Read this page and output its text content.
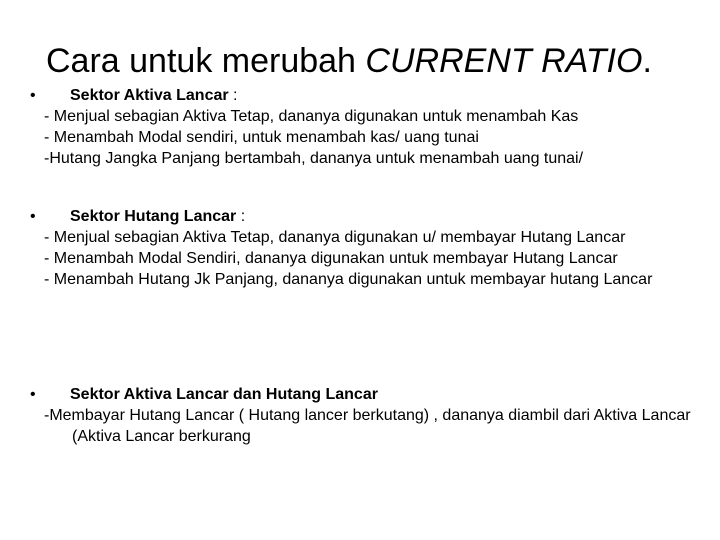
Cara untuk merubah CURRENT RATIO.
•	Sektor Aktiva Lancar :
- Menjual sebagian Aktiva Tetap, dananya digunakan untuk menambah Kas
- Menambah Modal sendiri, untuk menambah kas/ uang tunai
-Hutang Jangka Panjang bertambah, dananya untuk menambah uang tunai/
•	Sektor Hutang Lancar :
- Menjual sebagian Aktiva Tetap, dananya digunakan u/ membayar Hutang Lancar
- Menambah Modal Sendiri, dananya digunakan untuk membayar Hutang Lancar
- Menambah Hutang Jk Panjang, dananya digunakan untuk membayar hutang Lancar
•	Sektor Aktiva Lancar dan Hutang Lancar
-Membayar Hutang Lancar ( Hutang lancer berkutang) , dananya diambil dari Aktiva Lancar (Aktiva Lancar berkurang
